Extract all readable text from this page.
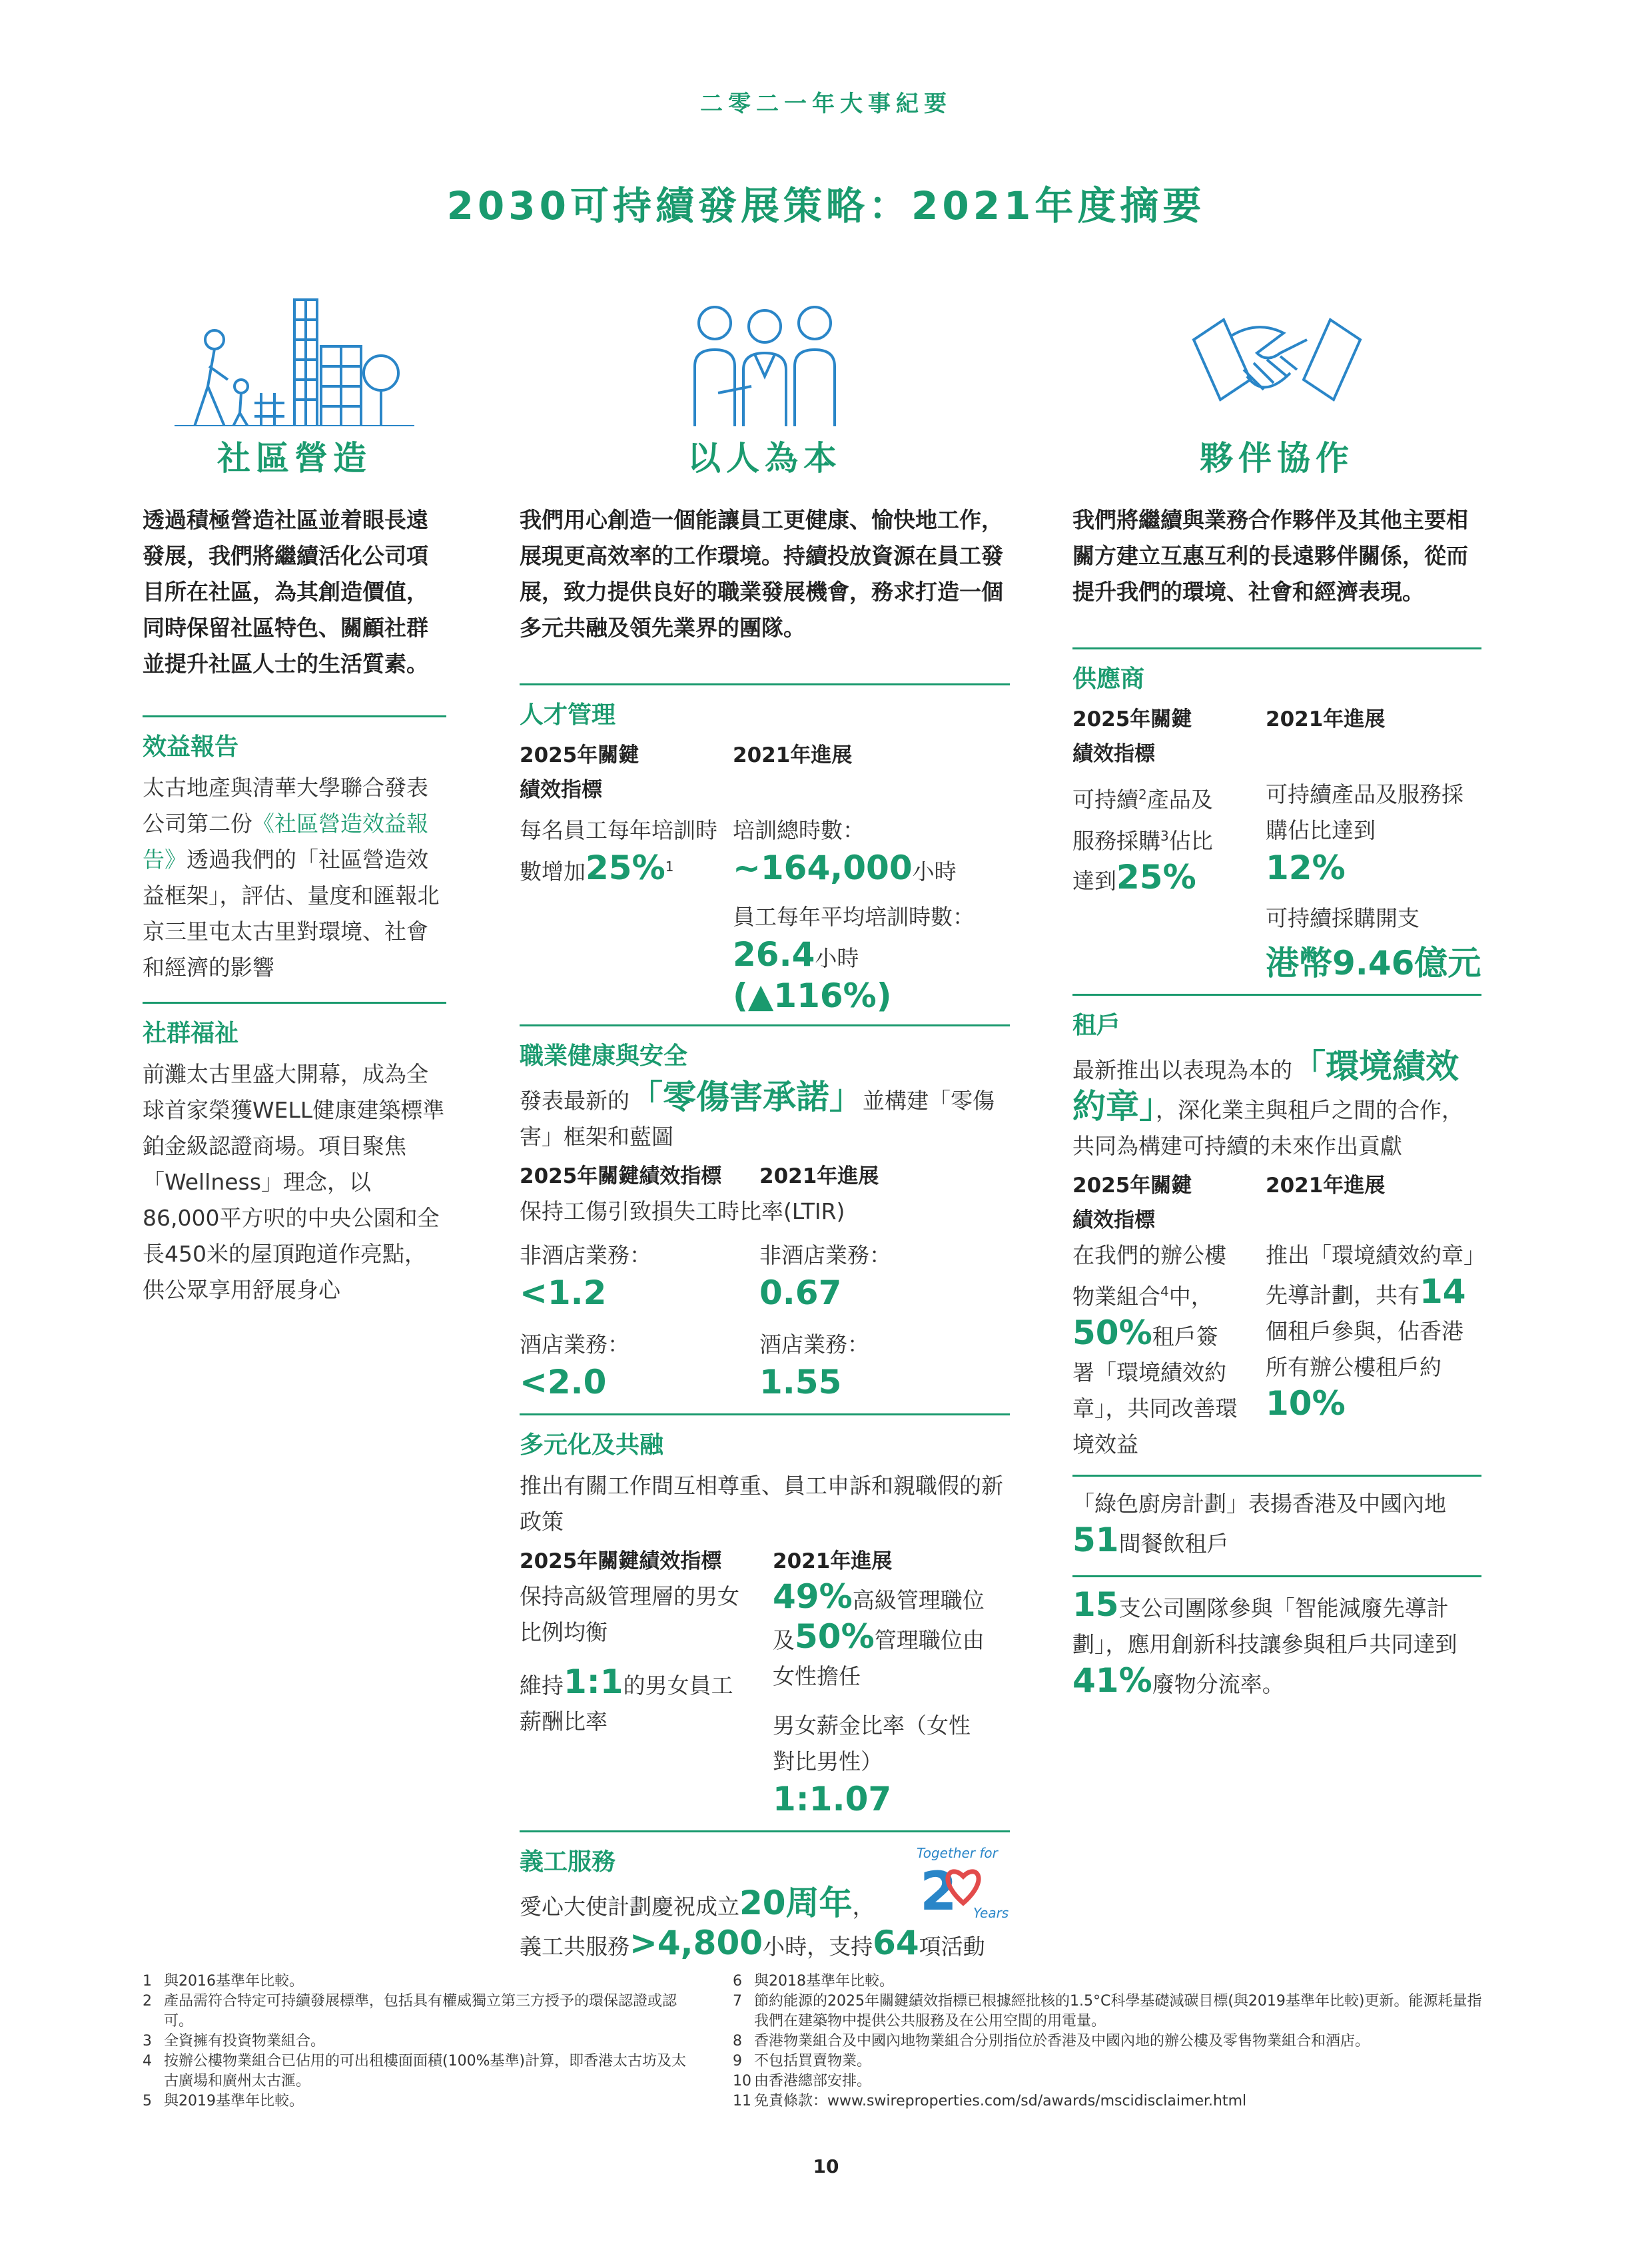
二零二一年大事紀要
2030可持續發展策略：2021年度摘要
社區營造
透過積極營造社區並着眼長遠發展，我們將繼續活化公司項目所在社區，為其創造價值，同時保留社區特色、關顧社群並提升社區人士的生活質素。
效益報告
太古地產與清華大學聯合發表公司第二份《社區營造效益報告》透過我們的「社區營造效益框架」，評估、量度和匯報北京三里屯太古里對環境、社會和經濟的影響
社群福祉
前灘太古里盛大開幕，成為全球首家榮獲WELL健康建築標準鉑金級認證商場。項目聚焦「Wellness」理念，以86,000平方呎的中央公園和全長450米的屋頂跑道作亮點，供公眾享用舒展身心
以人為本
我們用心創造一個能讓員工更健康、愉快地工作，展現更高效率的工作環境。持續投放資源在員工發展，致力提供良好的職業發展機會，務求打造一個多元共融及領先業界的團隊。
人才管理
2025年關鍵績效指標
每名員工每年培訓時數增加25%$^1$
2021年進展
培訓總時數：
~164,000小時
員工每年平均培訓時數：
26.4小時(▲116%)
職業健康與安全
發表最新的「零傷害承諾」並構建「零傷害」框架和藍圖
2025年關鍵績效指標	2021年進展
保持工傷引致損失工時比率(LTIR)
非酒店業務：
<1.2
酒店業務：
<2.0
非酒店業務：
0.67
酒店業務：
1.55
多元化及共融
推出有關工作間互相尊重、員工申訴和親職假的新政策
2025年關鍵績效指標
保持高級管理層的男女比例均衡
維持1:1的男女員工薪酬比率
2021年進展
49%高級管理職位及50%管理職位由女性擔任
男女薪金比率（女性對比男性）
1:1.07
義工服務	Together for
2 Years
愛心大使計劃慶祝成立20周年，
義工共服務>4,800小時，支持64項活動
夥伴協作
我們將繼續與業務合作夥伴及其他主要相關方建立互惠互利的長遠夥伴關係，從而提升我們的環境、社會和經濟表現。
供應商
2025年關鍵績效指標
可持續$^2$產品及服務採購$^3$佔比達到25%
2021年進展
可持續產品及服務採購佔比達到
12%
可持續採購開支
港幣9.46億元
租戶
最新推出以表現為本的「環境績效約章」，深化業主與租戶之間的合作，共同為構建可持續的未來作出貢獻
2025年關鍵績效指標
在我們的辦公樓物業組合$^4$中，50%租戶簽署「環境績效約章」，共同改善環境效益
2021年進展
推出「環境績效約章」先導計劃，共有14個租戶參與，佔香港所有辦公樓租戶約10%
「綠色廚房計劃」表揚香港及中國內地51間餐飲租戶
15支公司團隊參與「智能減廢先導計劃」，應用創新科技讓參與租戶共同達到41%廢物分流率。
1 與2016基準年比較。
2 產品需符合特定可持續發展標準，包括具有權威獨立第三方授予的環保認證或認可。
3 全資擁有投資物業組合。
4 按辦公樓物業組合已佔用的可出租樓面面積(100%基準)計算，即香港太古坊及太古廣場和廣州太古滙。
5 與2019基準年比較。
6 與2018基準年比較。
7 節約能源的2025年關鍵績效指標已根據經批核的1.5°C科學基礎減碳目標(與2019基準年比較)更新。能源耗量指我們在建築物中提供公共服務及在公用空間的用電量。
8 香港物業組合及中國內地物業組合分別指位於香港及中國內地的辦公樓及零售物業組合和酒店。
9 不包括買賣物業。
10 由香港總部安排。
11 免責條款：www.swireproperties.com/sd/awards/mscidisclaimer.html
10
